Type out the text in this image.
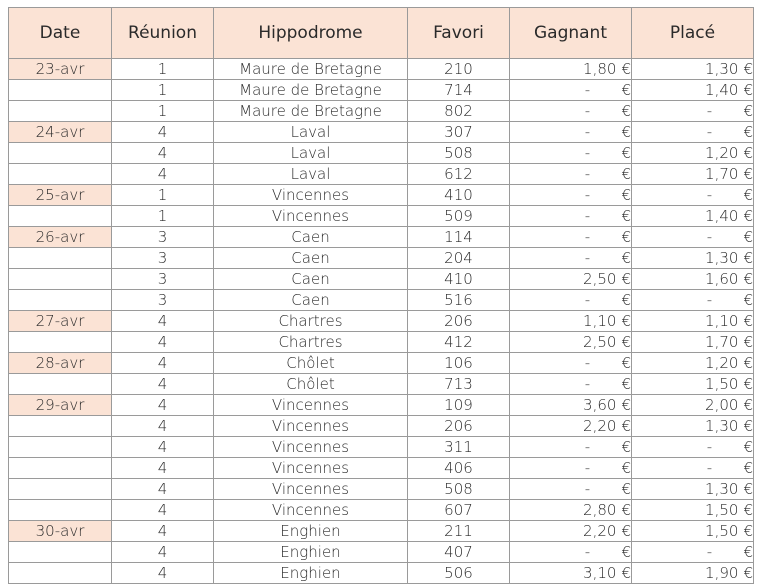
Date	Réunion	Hippodrome	Favori	Gagnant	Placé
23-avr	1	Maure de Bretagne	210	1,80 €	1,30 €

	1	Maure de Bretagne	714	- €	1,40 €

	1	Maure de Bretagne	802	- €	- €

24-avr	4	Laval	307	- €	- €

	4	Laval	508	- €	1,20 €

	4	Laval	612	- €	1,70 €

25-avr	1	Vincennes	410	- €	- €

	1	Vincennes	509	- €	1,40 €

26-avr	3	Caen	114	- €	- €

	3	Caen	204	- €	1,30 €

	3	Caen	410	2,50 €	1,60 €

	3	Caen	516	- €	- €

27-avr	4	Chartres	206	1,10 €	1,10 €

	4	Chartres	412	2,50 €	1,70 €

28-avr	4	Chôlet	106	- €	1,20 €

	4	Chôlet	713	- €	1,50 €

29-avr	4	Vincennes	109	3,60 €	2,00 €

	4	Vincennes	206	2,20 €	1,30 €

	4	Vincennes	311	- €	- €

	4	Vincennes	406	- €	- €

	4	Vincennes	508	- €	1,30 €

	4	Vincennes	607	2,80 €	1,50 €

30-avr	4	Enghien	211	2,20 €	1,50 €

	4	Enghien	407	- €	- €

	4	Enghien	506	3,10 €	1,90 €
